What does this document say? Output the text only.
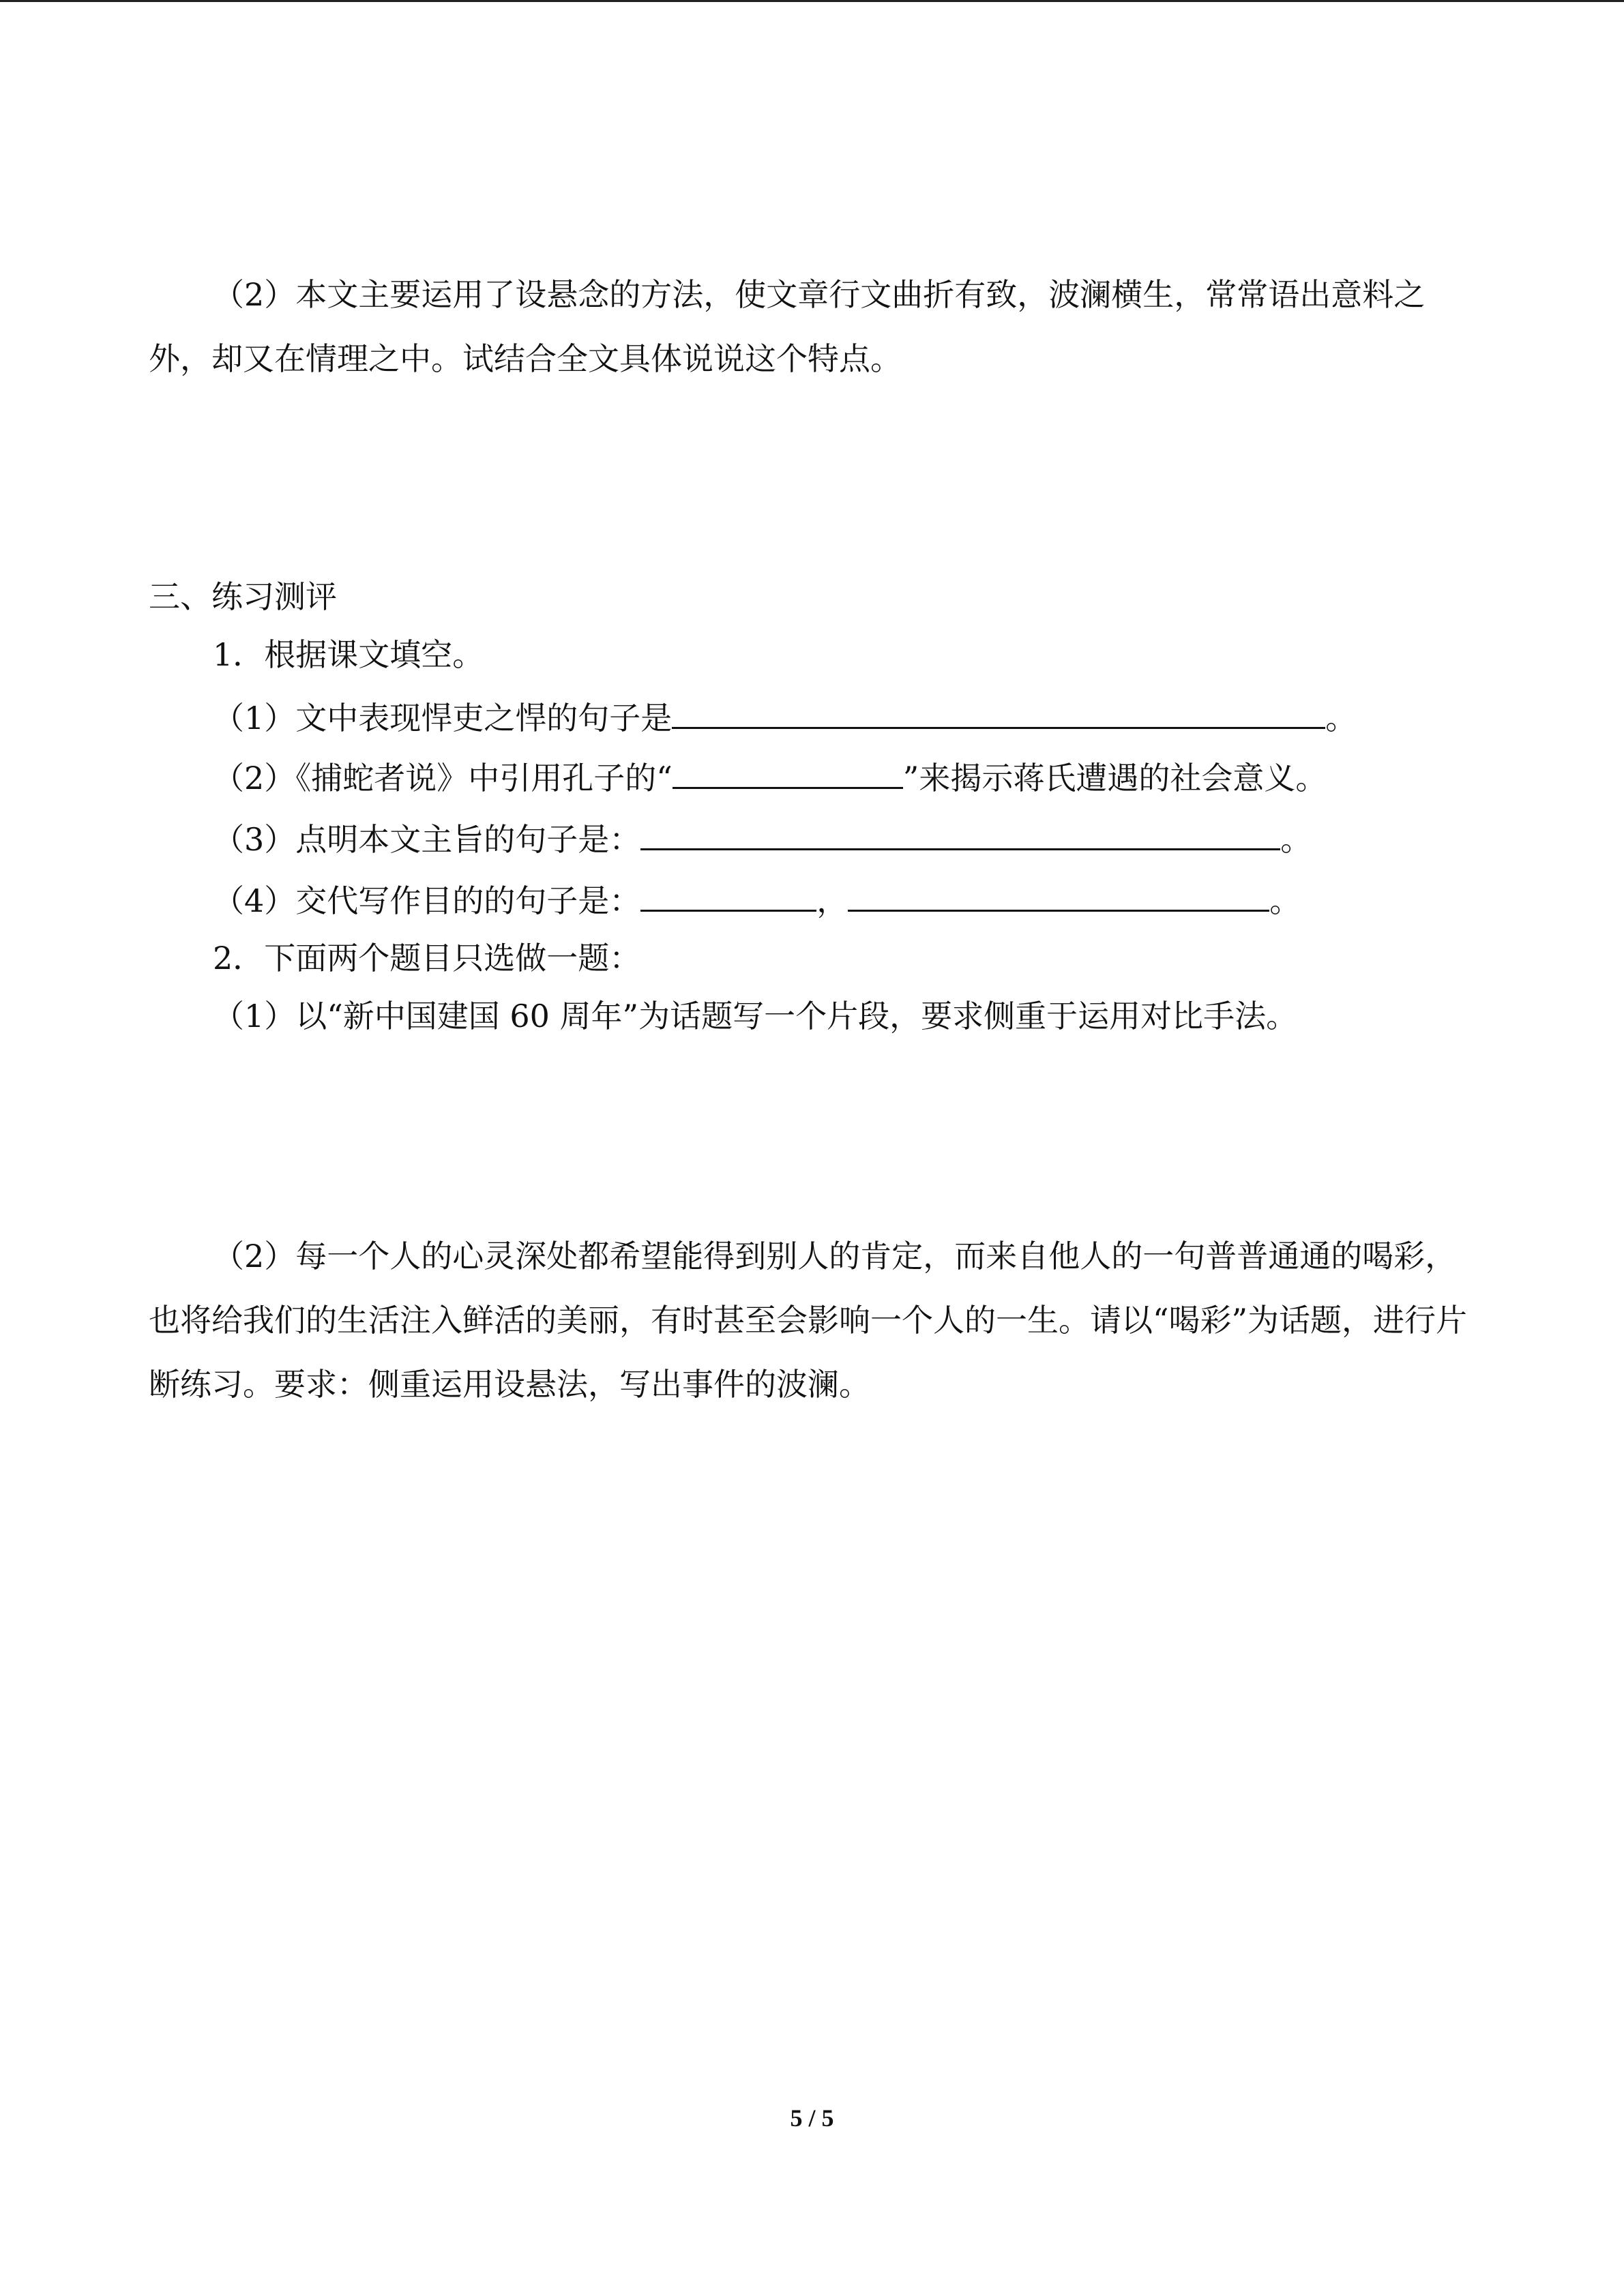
（2）本文主要运用了设悬念的方法，使文章行文曲折有致，波澜横生，常常语出意料之外，却又在情理之中。试结合全文具体说说这个特点。

三、练习测评
1．根据课文填空。
（1）文中表现悍吏之悍的句子是	。
（2）《捕蛇者说》中引用孔子的“	”来揭示蒋氏遭遇的社会意义。
（3）点明本文主旨的句子是：	。
（4）交代写作目的的句子是：	，	。
2．下面两个题目只选做一题：
（1）以“新中国建国 60 周年”为话题写一个片段，要求侧重于运用对比手法。

（2）每一个人的心灵深处都希望能得到别人的肯定，而来自他人的一句普普通通的喝彩，也将给我们的生活注入鲜活的美丽，有时甚至会影响一个人的一生。请以“喝彩”为话题，进行片断练习。要求：侧重运用设悬法，写出事件的波澜。

5 / 5
